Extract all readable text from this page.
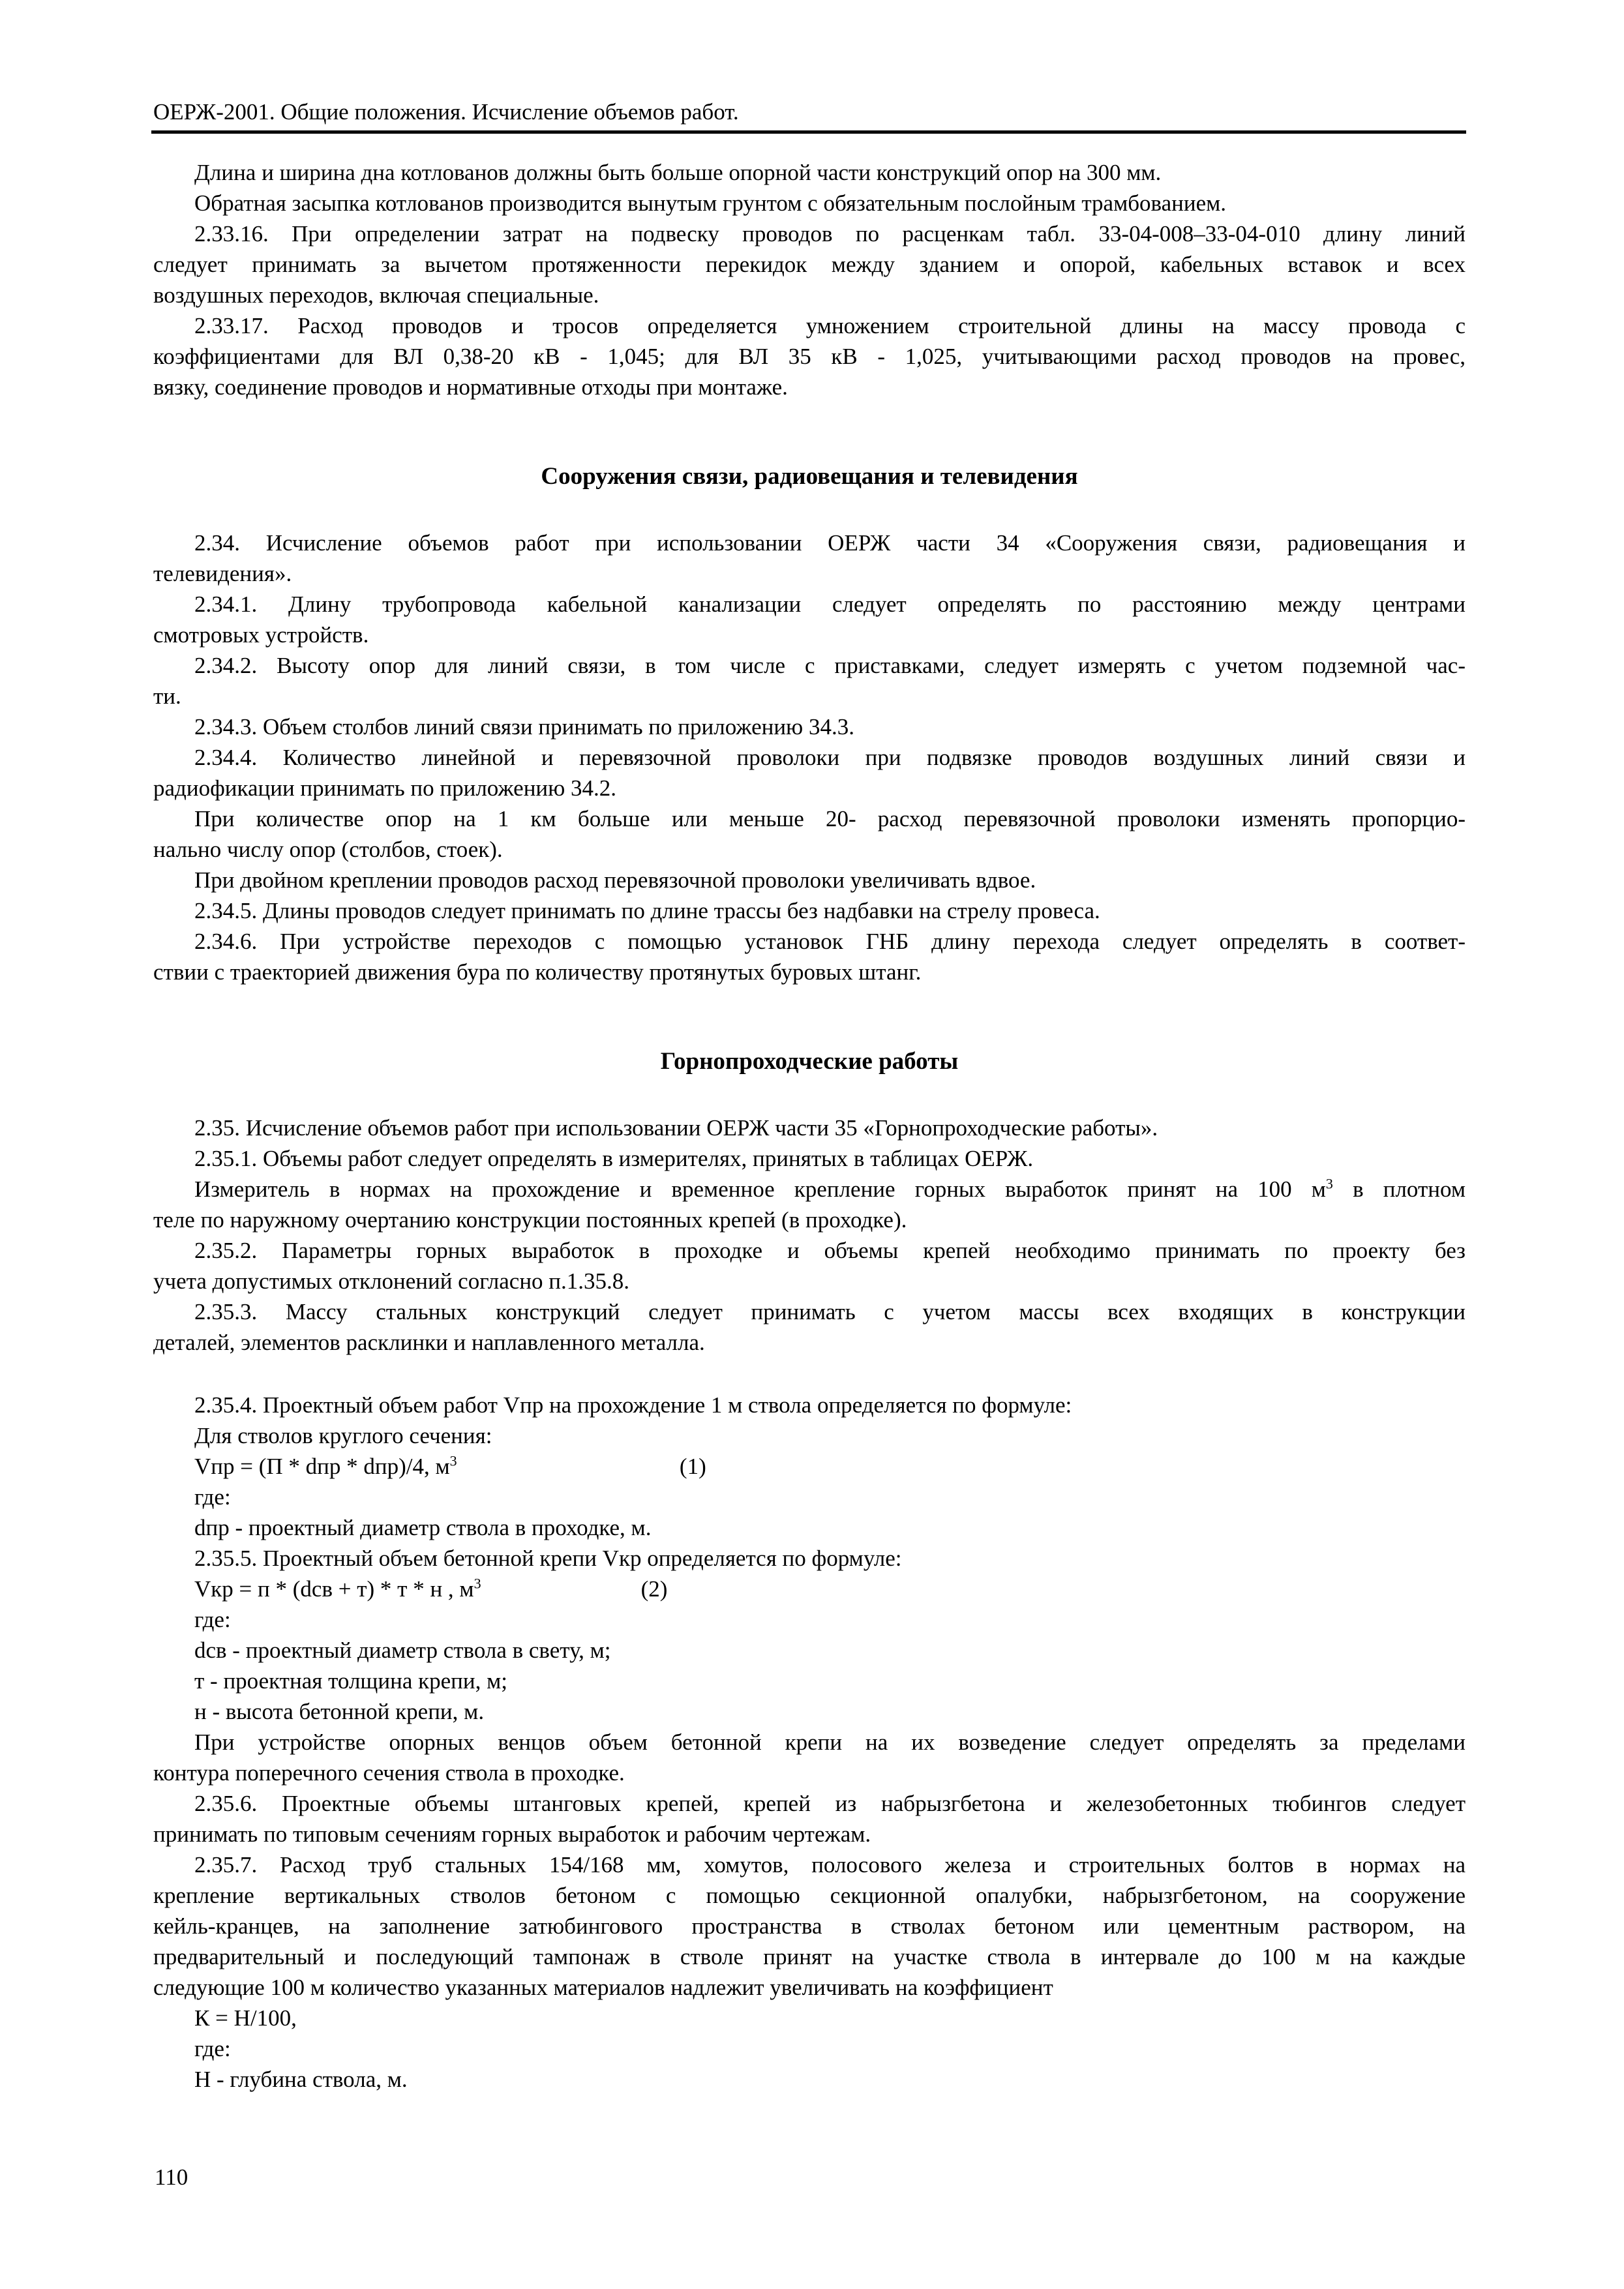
ОЕРЖ-2001. Общие положения. Исчисление объемов работ.
Длина и ширина дна котлованов должны быть больше опорной части конструкций опор на 300 мм.
Обратная засыпка котлованов производится вынутым грунтом с обязательным послойным трамбованием.
2.33.16. При определении затрат на подвеску проводов по расценкам табл. 33-04-008–33-04-010 длину линий
следует принимать за вычетом протяженности перекидок между зданием и опорой, кабельных вставок и всех
воздушных переходов, включая специальные.
2.33.17. Расход проводов и тросов определяется умножением строительной длины на массу провода с
коэффициентами для ВЛ 0,38-20 кВ - 1,045; для ВЛ 35 кВ - 1,025, учитывающими расход проводов на провес,
вязку, соединение проводов и нормативные отходы при монтаже.
Сооружения связи, радиовещания и телевидения
2.34. Исчисление объемов работ при использовании ОЕРЖ части 34 «Сооружения связи, радиовещания и
телевидения».
2.34.1. Длину трубопровода кабельной канализации следует определять по расстоянию между центрами
смотровых устройств.
2.34.2. Высоту опор для линий связи, в том числе с приставками, следует измерять с учетом подземной час-
ти.
2.34.3. Объем столбов линий связи принимать по приложению 34.3.
2.34.4. Количество линейной и перевязочной проволоки при подвязке проводов воздушных линий связи и
радиофикации принимать по приложению 34.2.
При количестве опор на 1 км больше или меньше 20- расход перевязочной проволоки изменять пропорцио-
нально числу опор (столбов, стоек).
При двойном креплении проводов расход перевязочной проволоки увеличивать вдвое.
2.34.5. Длины проводов следует принимать по длине трассы без надбавки на стрелу провеса.
2.34.6. При устройстве переходов с помощью установок ГНБ длину перехода следует определять в соответ-
ствии с траекторией движения бура по количеству протянутых буровых штанг.
Горнопроходческие работы
2.35. Исчисление объемов работ при использовании ОЕРЖ части 35 «Горнопроходческие работы».
2.35.1. Объемы работ следует определять в измерителях, принятых в таблицах ОЕРЖ.
Измеритель в нормах на прохождение и временное крепление горных выработок принят на 100 $м^3$ в плотном
теле по наружному очертанию конструкции постоянных крепей (в проходке).
2.35.2. Параметры горных выработок в проходке и объемы крепей необходимо принимать по проекту без
учета допустимых отклонений согласно п.1.35.8.
2.35.3. Массу стальных конструкций следует принимать с учетом массы всех входящих в конструкции
деталей, элементов расклинки и наплавленного металла.
2.35.4. Проектный объем работ Vпр на прохождение 1 м ствола определяется по формуле:
Для стволов круглого сечения:
Vпр = (П * dпр * dпр)/4, $м^3$                                       (1)
где:
dпр - проектный диаметр ствола в проходке, м.
2.35.5. Проектный объем бетонной крепи Vкр определяется по формуле:
Vкр = п * (dсв + т) * т * н , $м^3$                            (2)
где:
dсв - проектный диаметр ствола в свету, м;
т - проектная толщина крепи, м;
н - высота бетонной крепи, м.
При устройстве опорных венцов объем бетонной крепи на их возведение следует определять за пределами
контура поперечного сечения ствола в проходке.
2.35.6. Проектные объемы штанговых крепей, крепей из набрызгбетона и железобетонных тюбингов следует
принимать по типовым сечениям горных выработок и рабочим чертежам.
2.35.7. Расход труб стальных 154/168 мм, хомутов, полосового железа и строительных болтов в нормах на
крепление вертикальных стволов бетоном с помощью секционной опалубки, набрызгбетоном, на сооружение
кейль-кранцев, на заполнение затюбингового пространства в стволах бетоном или цементным раствором, на
предварительный и последующий тампонаж в стволе принят на участке ствола в интервале до 100 м на каждые
следующие 100 м количество указанных материалов надлежит увеличивать на коэффициент
К = Н/100,
где:
Н - глубина ствола, м.
110
